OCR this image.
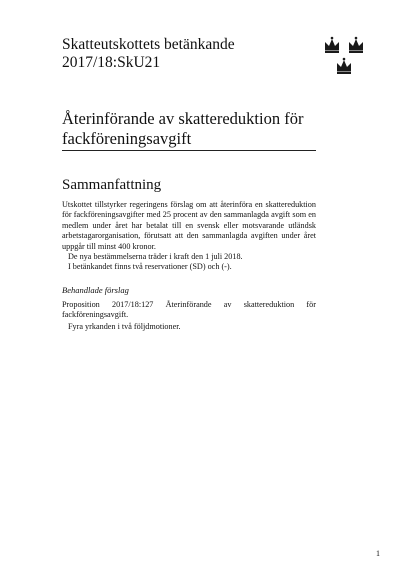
Skatteutskottets betänkande
2017/18:SkU21
Återinförande av skattereduktion för fackföreningsavgift
Sammanfattning

Utskottet tillstyrker regeringens förslag om att återinföra en skattereduktion för fackföreningsavgifter med 25 procent av den sammanlagda avgift som en medlem under året har betalat till en svensk eller motsvarande utländsk arbetstagarorganisation, förutsatt att den sammanlagda avgiften under året uppgår till minst 400 kronor.

De nya bestämmelserna träder i kraft den 1 juli 2018.

I betänkandet finns två reservationer (SD) och (-).

Behandlade förslag
Proposition 2017/18:127 Återinförande av skattereduktion för
fackföreningsavgift.

Fyra yrkanden i två följdmotioner.

1
